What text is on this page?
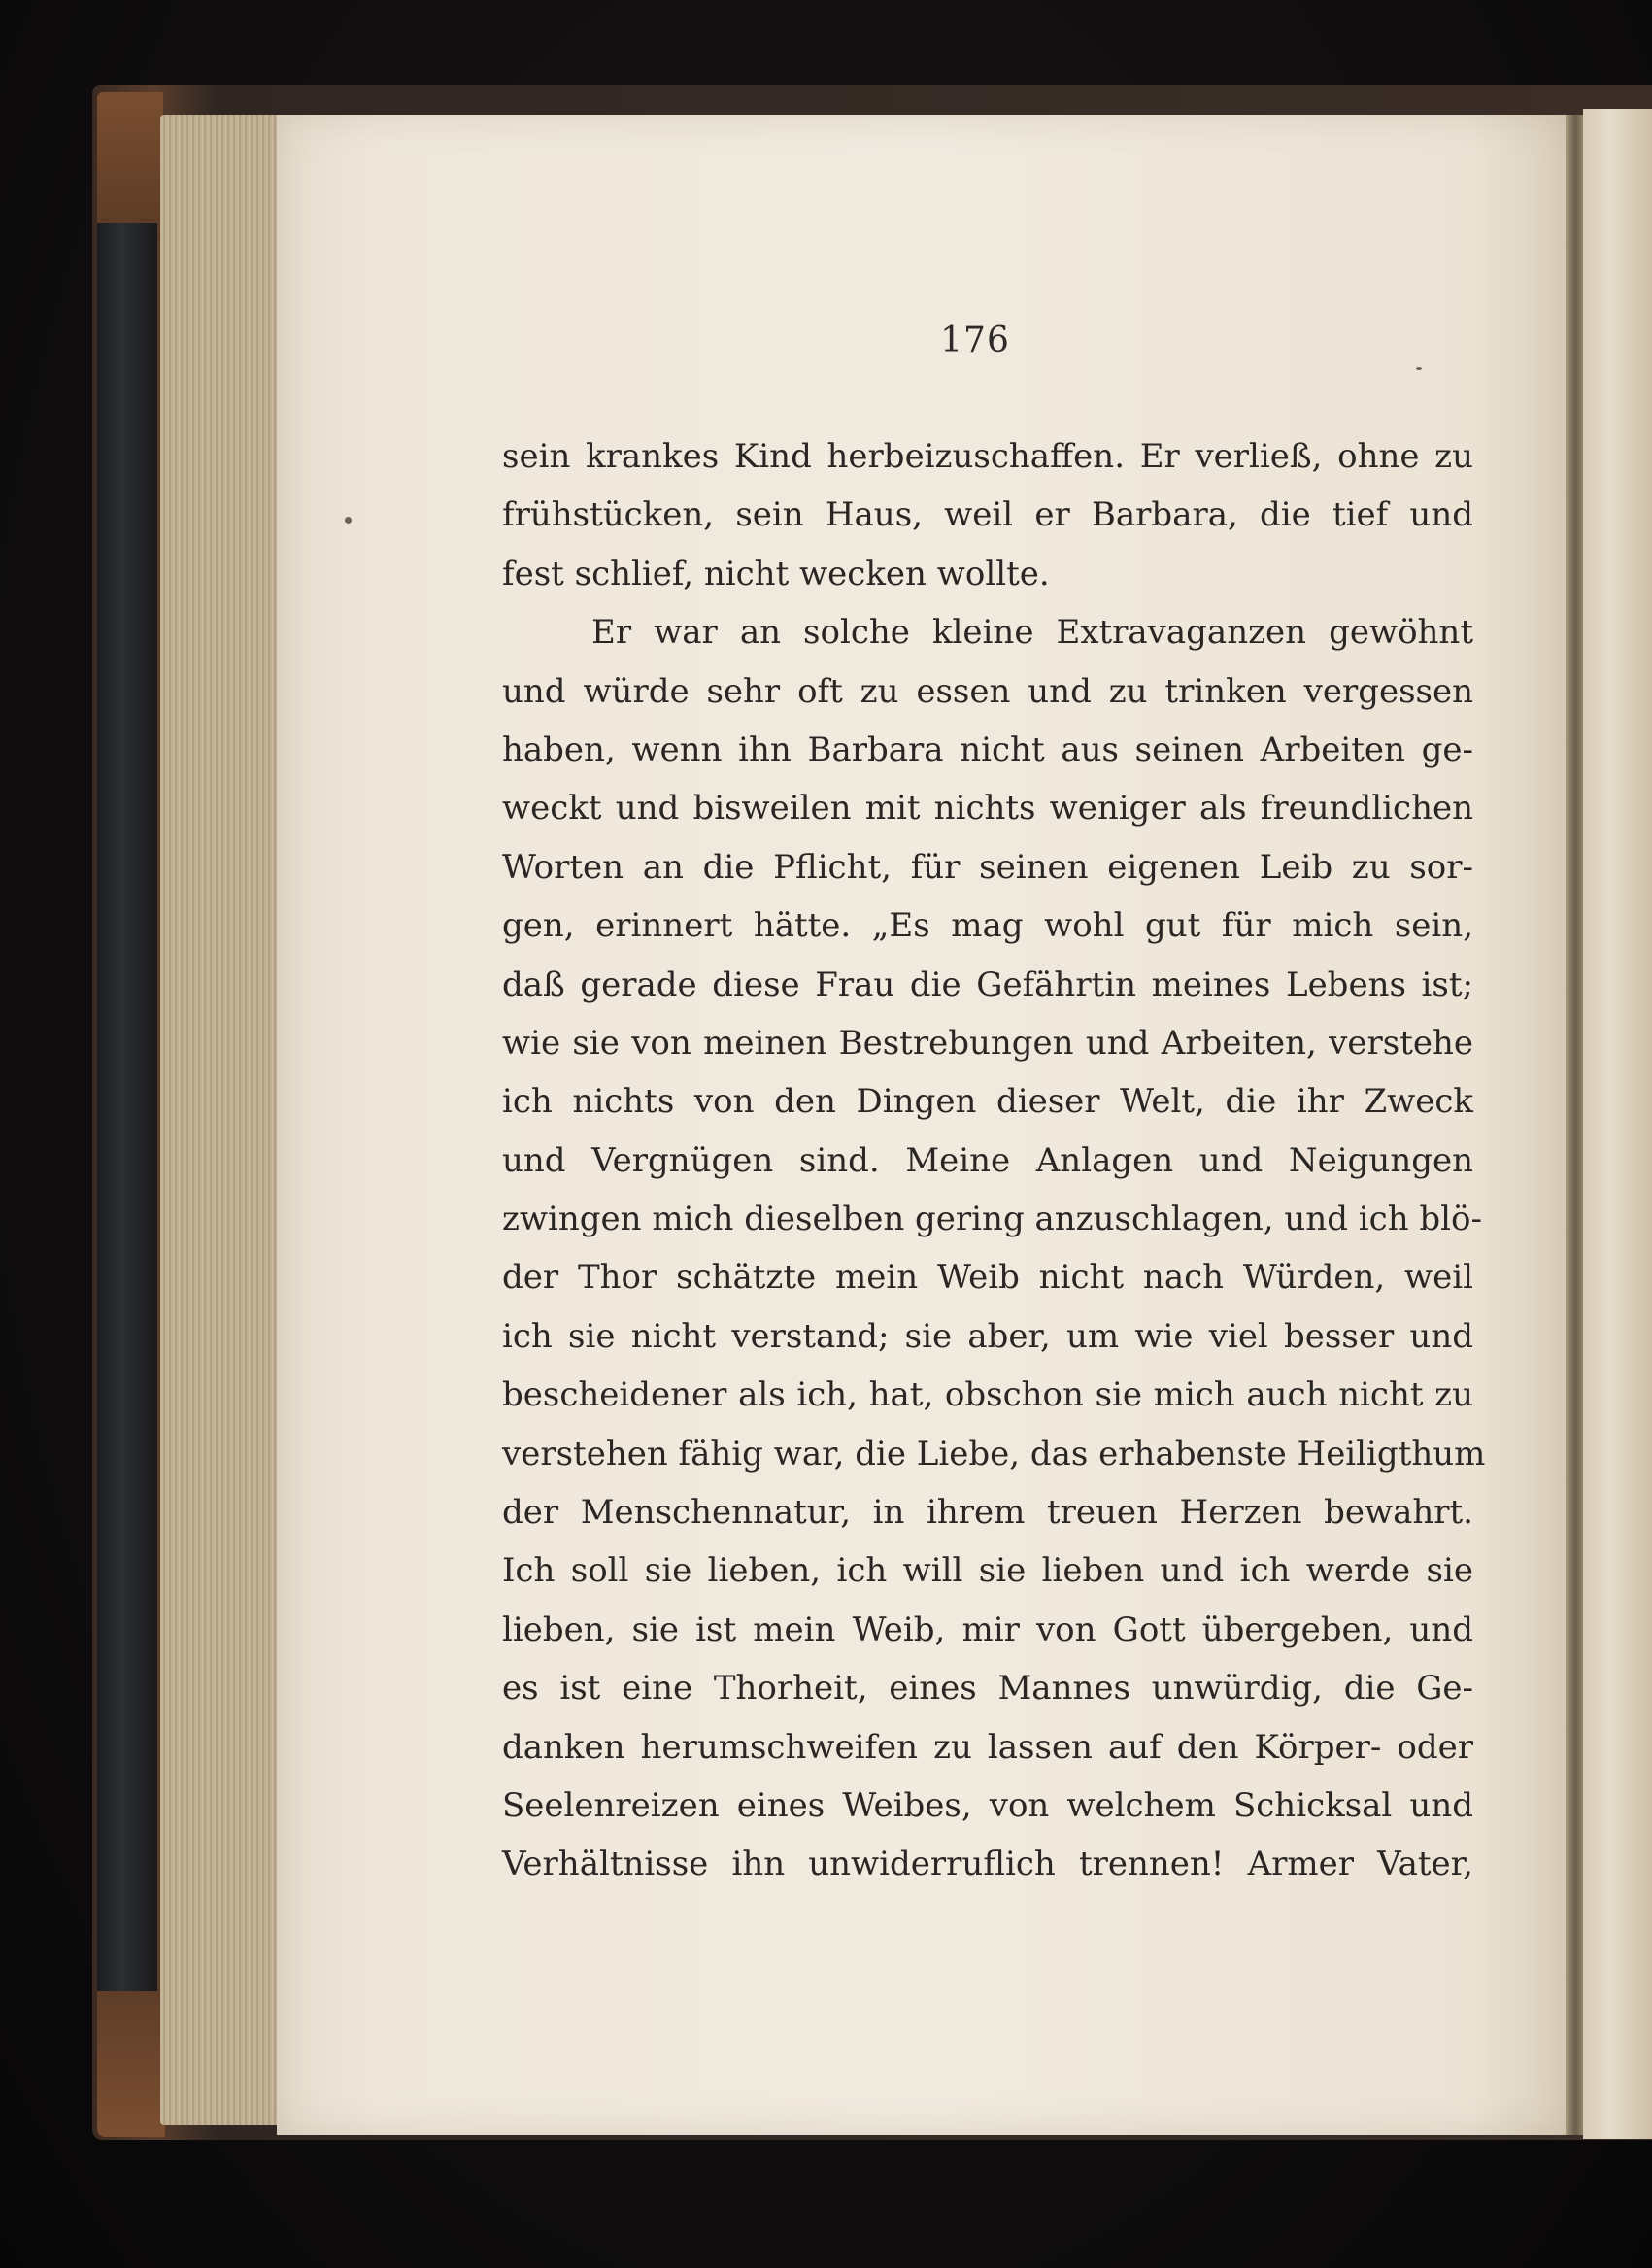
176
sein krankes Kind herbeizuschaffen. Er verließ, ohne zu
frühstücken, sein Haus, weil er Barbara, die tief und
fest schlief, nicht wecken wollte.
Er war an solche kleine Extravaganzen gewöhnt
und würde sehr oft zu essen und zu trinken vergessen
haben, wenn ihn Barbara nicht aus seinen Arbeiten ge-
weckt und bisweilen mit nichts weniger als freundlichen
Worten an die Pflicht, für seinen eigenen Leib zu sor-
gen, erinnert hätte. „Es mag wohl gut für mich sein,
daß gerade diese Frau die Gefährtin meines Lebens ist;
wie sie von meinen Bestrebungen und Arbeiten, verstehe
ich nichts von den Dingen dieser Welt, die ihr Zweck
und Vergnügen sind. Meine Anlagen und Neigungen
zwingen mich dieselben gering anzuschlagen, und ich blö-
der Thor schätzte mein Weib nicht nach Würden, weil
ich sie nicht verstand; sie aber, um wie viel besser und
bescheidener als ich, hat, obschon sie mich auch nicht zu
verstehen fähig war, die Liebe, das erhabenste Heiligthum
der Menschennatur, in ihrem treuen Herzen bewahrt.
Ich soll sie lieben, ich will sie lieben und ich werde sie
lieben, sie ist mein Weib, mir von Gott übergeben, und
es ist eine Thorheit, eines Mannes unwürdig, die Ge-
danken herumschweifen zu lassen auf den Körper- oder
Seelenreizen eines Weibes, von welchem Schicksal und
Verhältnisse ihn unwiderruflich trennen! Armer Vater,
